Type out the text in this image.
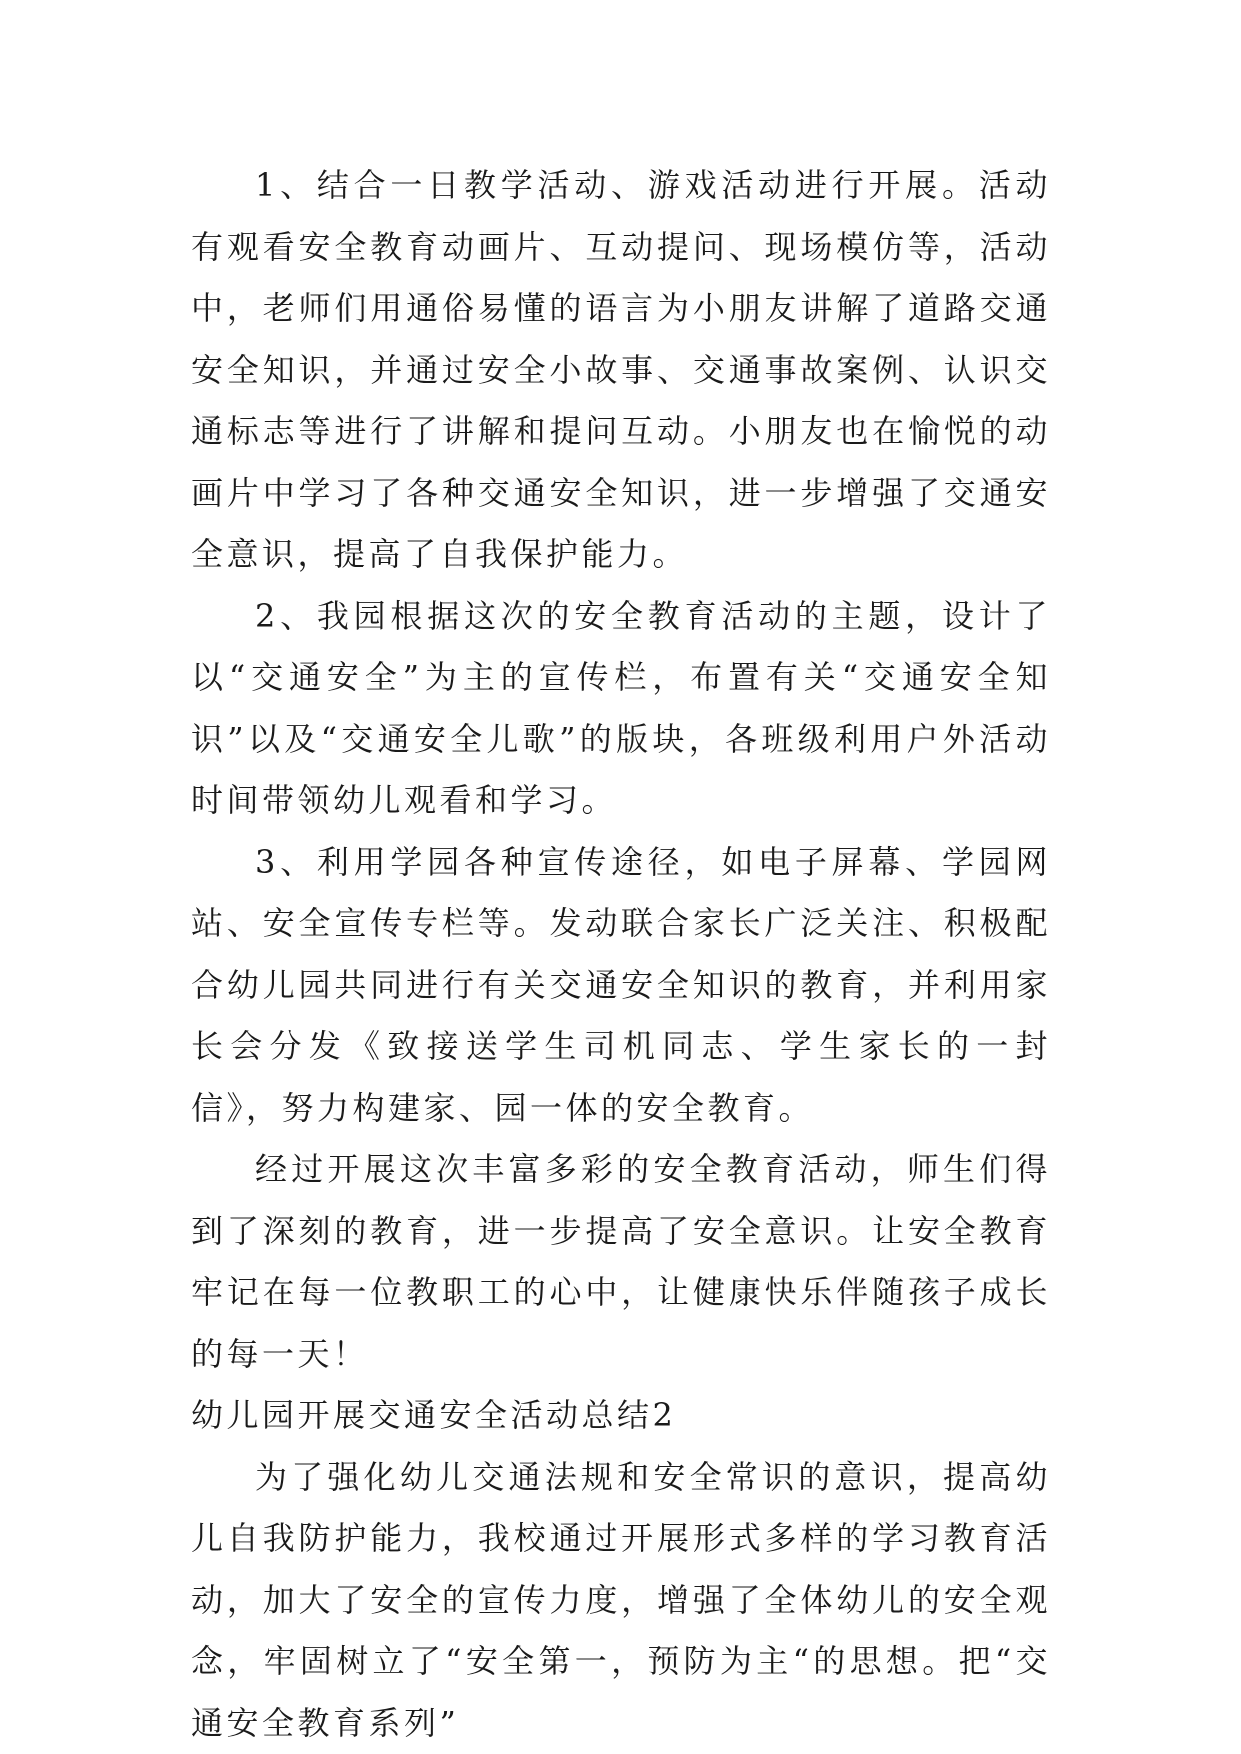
1、结合一日教学活动、游戏活动进行开展。活动有观看安全教育动画片、互动提问、现场模仿等，活动中，老师们用通俗易懂的语言为小朋友讲解了道路交通安全知识，并通过安全小故事、交通事故案例、认识交通标志等进行了讲解和提问互动。小朋友也在愉悦的动画片中学习了各种交通安全知识，进一步增强了交通安全意识，提高了自我保护能力。

2、我园根据这次的安全教育活动的主题，设计了以“交通安全”为主的宣传栏，布置有关“交通安全知识”以及“交通安全儿歌”的版块，各班级利用户外活动时间带领幼儿观看和学习。

3、利用学园各种宣传途径，如电子屏幕、学园网站、安全宣传专栏等。发动联合家长广泛关注、积极配合幼儿园共同进行有关交通安全知识的教育，并利用家长会分发《致接送学生司机同志、学生家长的一封信》，努力构建家、园一体的安全教育。

经过开展这次丰富多彩的安全教育活动，师生们得到了深刻的教育，进一步提高了安全意识。让安全教育牢记在每一位教职工的心中，让健康快乐伴随孩子成长的每一天！

幼儿园开展交通安全活动总结2

为了强化幼儿交通法规和安全常识的意识，提高幼儿自我防护能力，我校通过开展形式多样的学习教育活动，加大了安全的宣传力度，增强了全体幼儿的安全观念，牢固树立了“安全第一，预防为主“的思想。把“交通安全教育系列”
